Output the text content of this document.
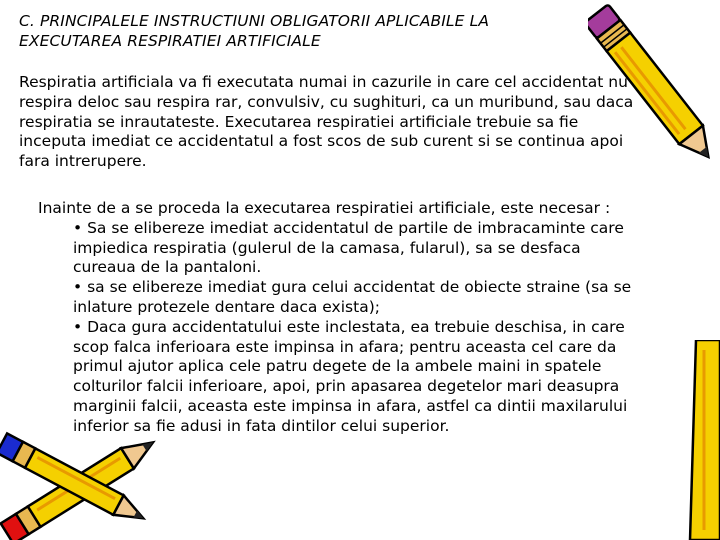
C. PRINCIPALELE INSTRUCTIUNI OBLIGATORII APLICABILE LA
EXECUTAREA RESPIRATIEI ARTIFICIALE
Respiratia artificiala va fi executata numai in cazurile in care cel accidentat nu
respira deloc sau respira rar, convulsiv, cu sughituri, ca un muribund, sau daca
respiratia se inrautateste. Executarea respiratiei artificiale trebuie sa fie
inceputa imediat ce accidentatul a fost scos de sub curent si se continua apoi
fara intrerupere.
Inainte de a se proceda la executarea respiratiei artificiale, este necesar :
• Sa se elibereze imediat accidentatul de partile de imbracaminte care
impiedica respiratia (gulerul de la camasa, fularul), sa se desfaca
cureaua de la pantaloni.
• sa se elibereze imediat gura celui accidentat de obiecte straine (sa se
inlature protezele dentare daca exista);
• Daca gura accidentatului este inclestata, ea trebuie deschisa, in care
scop falca inferioara este impinsa in afara; pentru aceasta cel care da
primul ajutor aplica cele patru degete de la ambele maini in spatele
colturilor falcii inferioare, apoi, prin apasarea degetelor mari deasupra
marginii falcii, aceasta este impinsa in afara, astfel ca dintii maxilarului
inferior sa fie adusi in fata dintilor celui superior.
